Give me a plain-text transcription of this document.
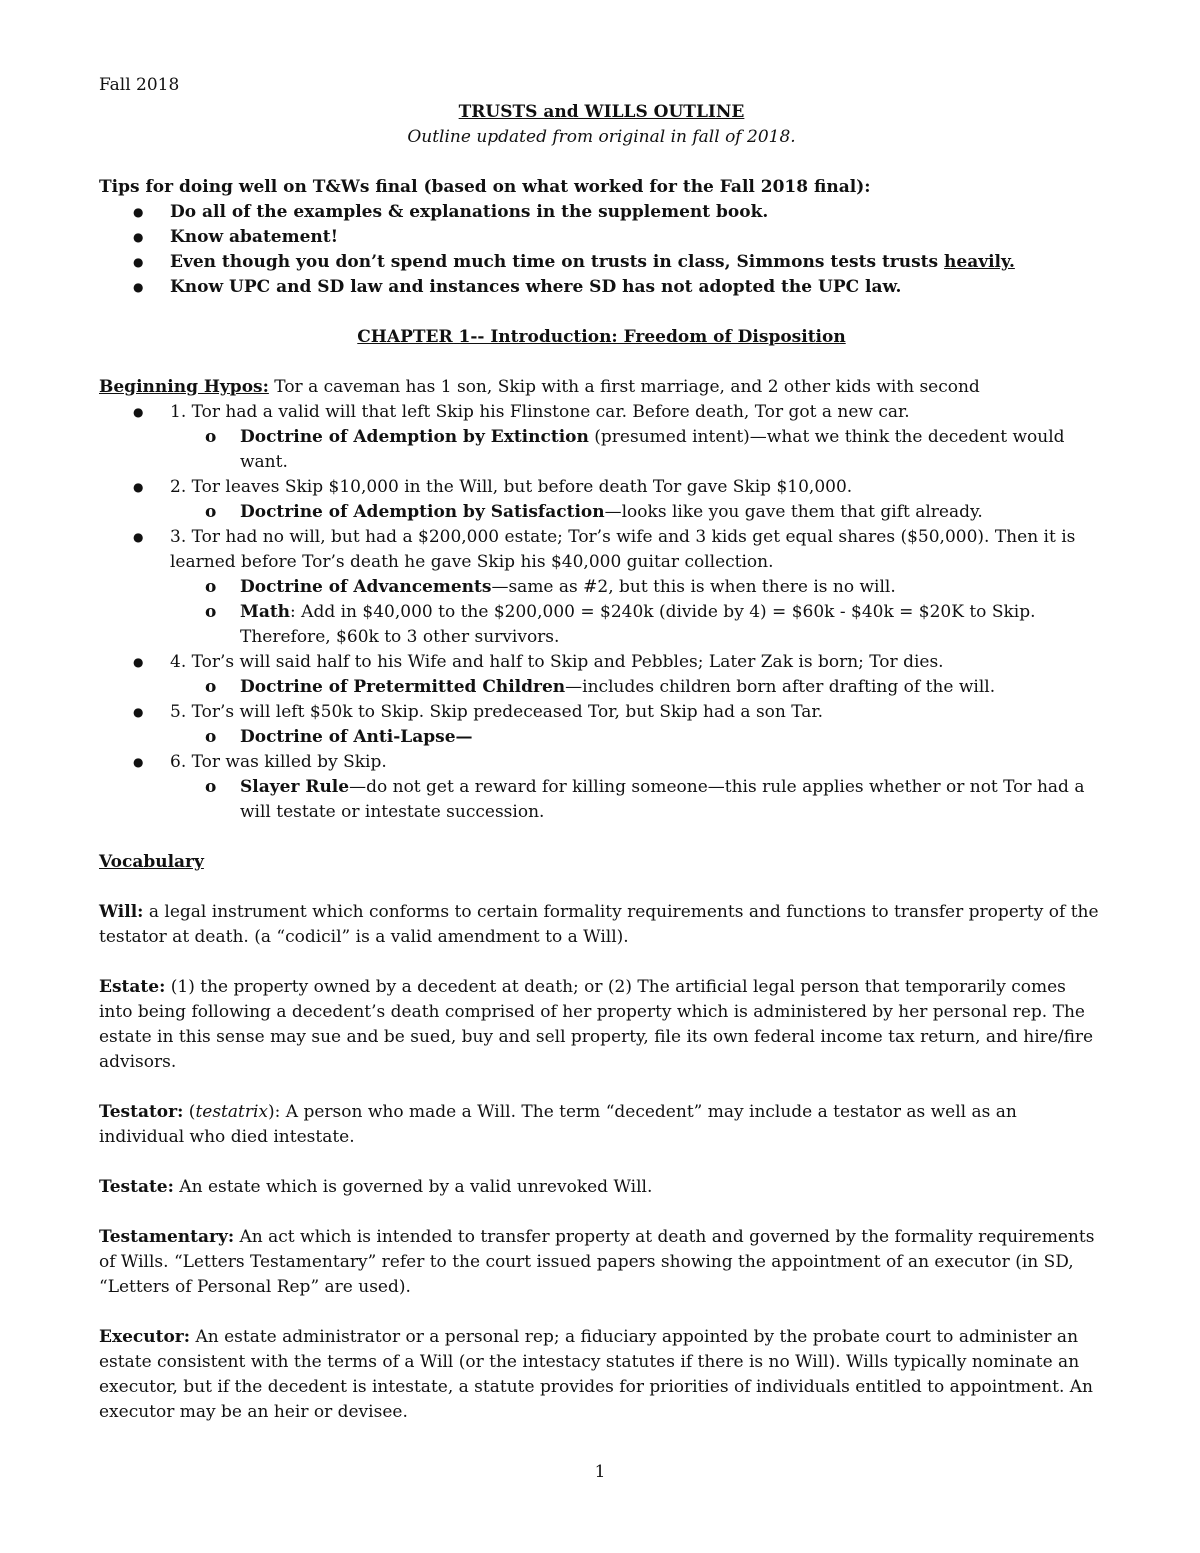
Fall 2018

TRUSTS and WILLS OUTLINE

Outline updated from original in fall of 2018.

Tips for doing well on T&Ws final (based on what worked for the Fall 2018 final):

● Do all of the examples & explanations in the supplement book.
● Know abatement!
● Even though you don’t spend much time on trusts in class, Simmons tests trusts heavily.
● Know UPC and SD law and instances where SD has not adopted the UPC law.

CHAPTER 1-- Introduction: Freedom of Disposition

Beginning Hypos: Tor a caveman has 1 son, Skip with a first marriage, and 2 other kids with second

● 1. Tor had a valid will that left Skip his Flinstone car. Before death, Tor got a new car.
o Doctrine of Ademption by Extinction (presumed intent)—what we think the decedent would want.
● 2. Tor leaves Skip $10,000 in the Will, but before death Tor gave Skip $10,000.
o Doctrine of Ademption by Satisfaction—looks like you gave them that gift already.
● 3. Tor had no will, but had a $200,000 estate; Tor’s wife and 3 kids get equal shares ($50,000). Then it is learned before Tor’s death he gave Skip his $40,000 guitar collection.
o Doctrine of Advancements—same as #2, but this is when there is no will.
o Math: Add in $40,000 to the $200,000 = $240k (divide by 4) = $60k - $40k = $20K to Skip. Therefore, $60k to 3 other survivors.
● 4. Tor’s will said half to his Wife and half to Skip and Pebbles; Later Zak is born; Tor dies.
o Doctrine of Pretermitted Children—includes children born after drafting of the will.
● 5. Tor’s will left $50k to Skip. Skip predeceased Tor, but Skip had a son Tar.
o Doctrine of Anti-Lapse—
● 6. Tor was killed by Skip.
o Slayer Rule—do not get a reward for killing someone—this rule applies whether or not Tor had a will testate or intestate succession.

Vocabulary

Will: a legal instrument which conforms to certain formality requirements and functions to transfer property of the testator at death. (a “codicil” is a valid amendment to a Will).

Estate: (1) the property owned by a decedent at death; or (2) The artificial legal person that temporarily comes into being following a decedent’s death comprised of her property which is administered by her personal rep. The estate in this sense may sue and be sued, buy and sell property, file its own federal income tax return, and hire/fire advisors.

Testator: (testatrix): A person who made a Will. The term “decedent” may include a testator as well as an individual who died intestate.

Testate: An estate which is governed by a valid unrevoked Will.

Testamentary: An act which is intended to transfer property at death and governed by the formality requirements of Wills. “Letters Testamentary” refer to the court issued papers showing the appointment of an executor (in SD, “Letters of Personal Rep” are used).

Executor: An estate administrator or a personal rep; a fiduciary appointed by the probate court to administer an estate consistent with the terms of a Will (or the intestacy statutes if there is no Will). Wills typically nominate an executor, but if the decedent is intestate, a statute provides for priorities of individuals entitled to appointment. An executor may be an heir or devisee.

1
